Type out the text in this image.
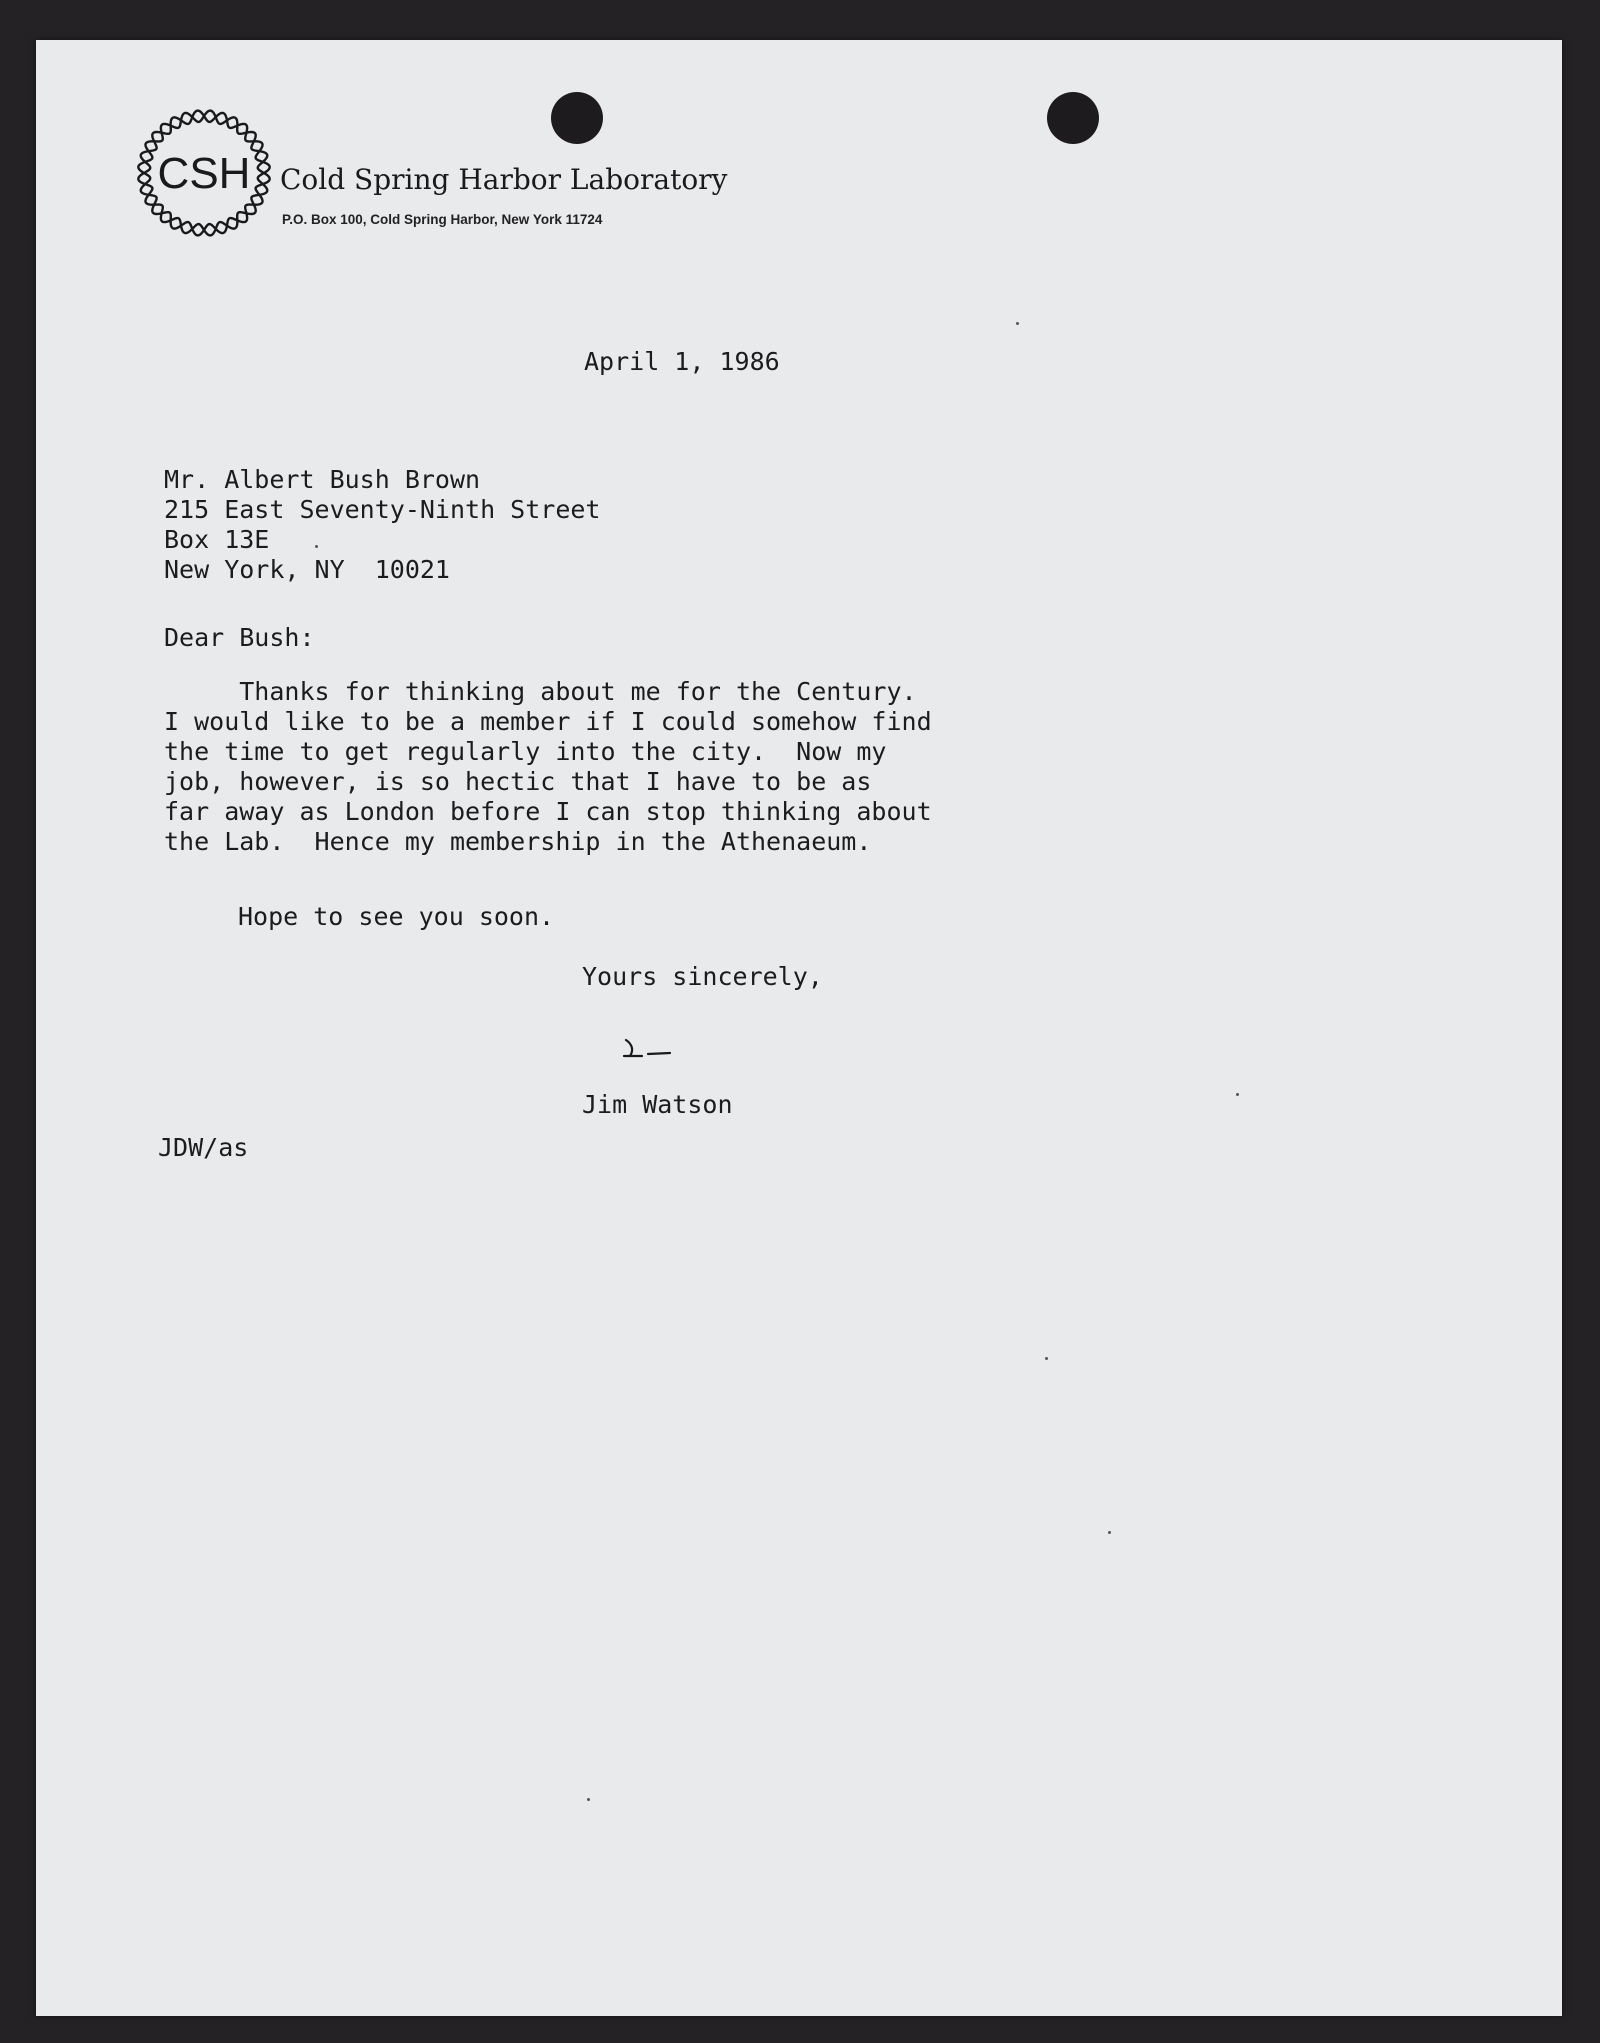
CSH Cold Spring Harbor Laboratory
P.O. Box 100, Cold Spring Harbor, New York 11724

April 1, 1986

Mr. Albert Bush Brown
215 East Seventy-Ninth Street
Box 13E
New York, NY  10021

Dear Bush:

Thanks for thinking about me for the Century.
I would like to be a member if I could somehow find
the time to get regularly into the city.  Now my
job, however, is so hectic that I have to be as
far away as London before I can stop thinking about
the Lab.  Hence my membership in the Athenaeum.

Hope to see you soon.

Yours sincerely,

Jim Watson

JDW/as
